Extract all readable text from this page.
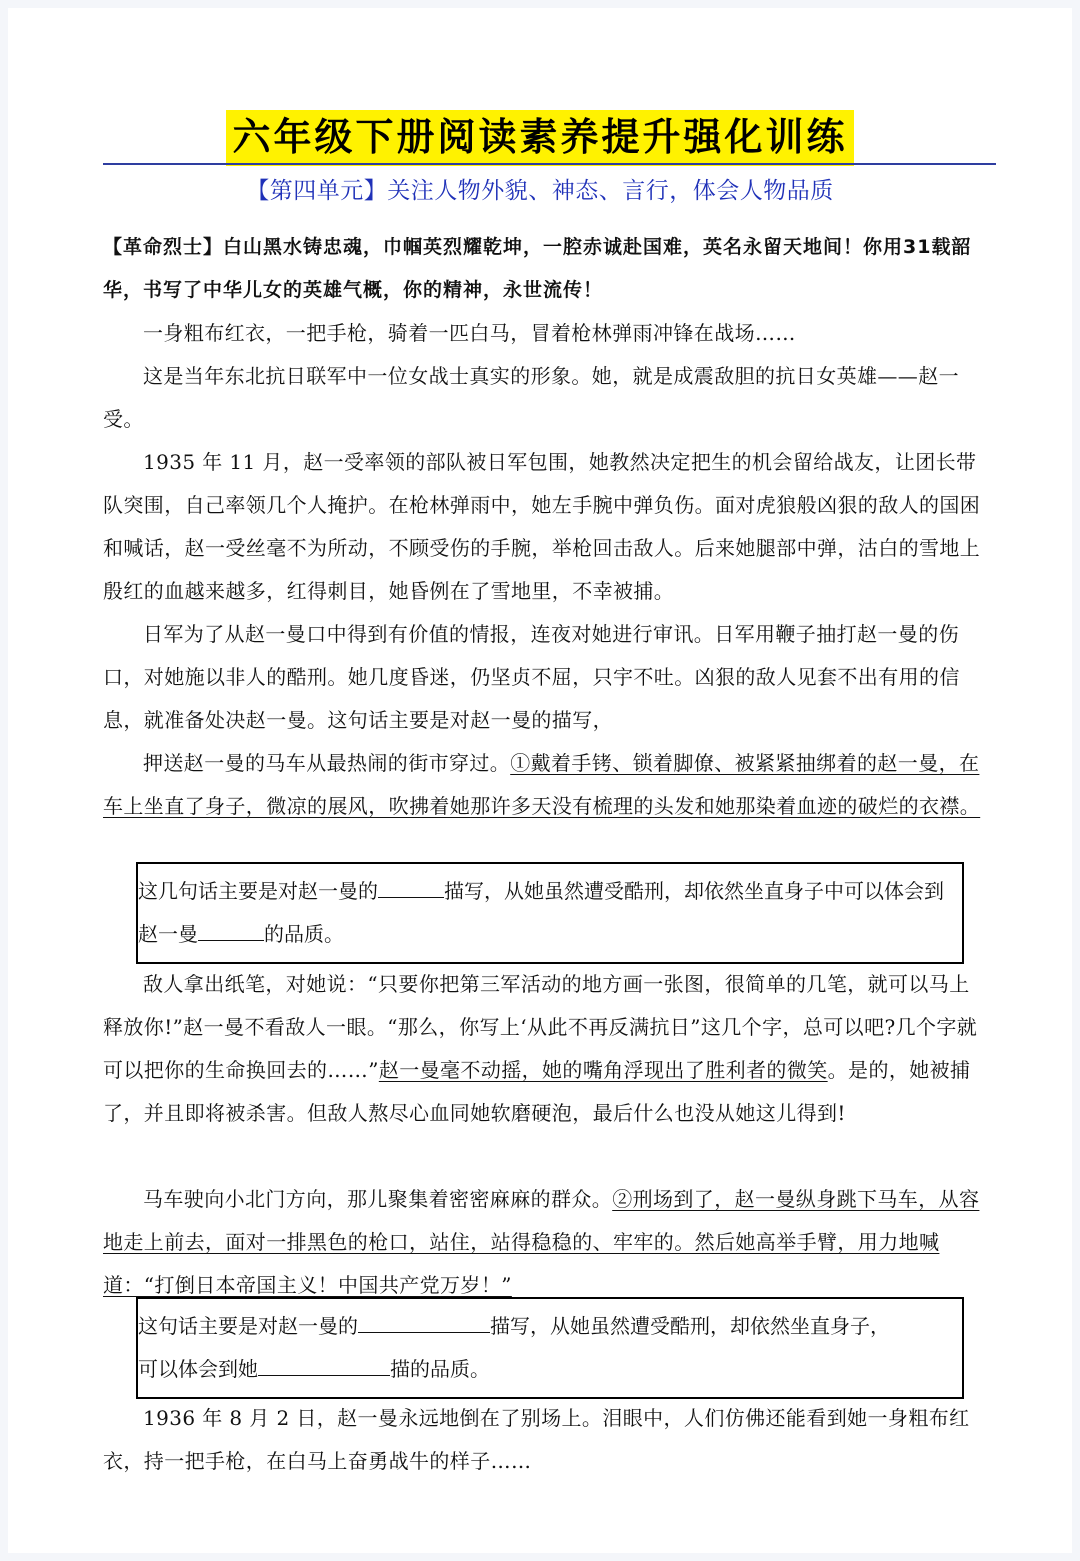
六年级下册阅读素养提升强化训练
【第四单元】关注人物外貌、神态、言行，体会人物品质
【革命烈士】白山黑水铸忠魂，巾帼英烈耀乾坤，一腔赤诚赴国难，英名永留天地间！你用31载韶华，书写了中华儿女的英雄气概，你的精神，永世流传！
一身粗布红衣，一把手枪，骑着一匹白马，冒着枪林弹雨冲锋在战场……
这是当年东北抗日联军中一位女战士真实的形象。她，就是成震敌胆的抗日女英雄——赵一受。
1935 年 11 月，赵一受率领的部队被日军包围，她教然决定把生的机会留给战友，让团长带队突围，自己率领几个人掩护。在枪林弹雨中，她左手腕中弹负伤。面对虎狼般凶狠的敌人的国困和喊话，赵一受丝毫不为所动，不顾受伤的手腕，举枪回击敌人。后来她腿部中弹，沽白的雪地上殷红的血越来越多，红得刺目，她昏例在了雪地里，不幸被捕。
日军为了从赵一曼口中得到有价值的情报，连夜对她进行审讯。日军用鞭子抽打赵一曼的伤口，对她施以非人的酷刑。她几度昏迷，仍坚贞不屈，只宇不吐。凶狠的敌人见套不出有用的信息，就准备处决赵一曼。这句话主要是对赵一曼的描写，
押送赵一曼的马车从最热闹的街市穿过。①戴着手铐、锁着脚僚、被紧紧抽绑着的赵一曼，在车上坐直了身子，微凉的展风，吹拂着她那许多天没有梳理的头发和她那染着血迹的破烂的衣襟。
这几句话主要是对赵一曼的	描写，从她虽然遭受酷刑，却依然坐直身子中可以体会到赵一曼	的品质。
敌人拿出纸笔，对她说：“只要你把第三军活动的地方画一张图，很简单的几笔，就可以马上释放你!”赵一曼不看敌人一眼。“那么，你写上‘从此不再反满抗日”这几个字，总可以吧?几个字就可以把你的生命换回去的……”赵一曼毫不动摇，她的嘴角浮现出了胜利者的微笑。是的，她被捕了，并且即将被杀害。但敌人熬尽心血同她软磨硬泡，最后什么也没从她这儿得到!
马车驶向小北门方向，那儿聚集着密密麻麻的群众。②刑场到了，赵一曼纵身跳下马车，从容地走上前去，面对一排黑色的枪口，站住，站得稳稳的、牢牢的。然后她高举手臂，用力地喊道：“打倒日本帝国主义！中国共产党万岁！”
这句话主要是对赵一曼的	描写，从她虽然遭受酷刑，却依然坐直身子，
可以体会到她	描的品质。
1936 年 8 月 2 日，赵一曼永远地倒在了别场上。泪眼中，人们仿佛还能看到她一身粗布红衣，持一把手枪，在白马上奋勇战牛的样子……
